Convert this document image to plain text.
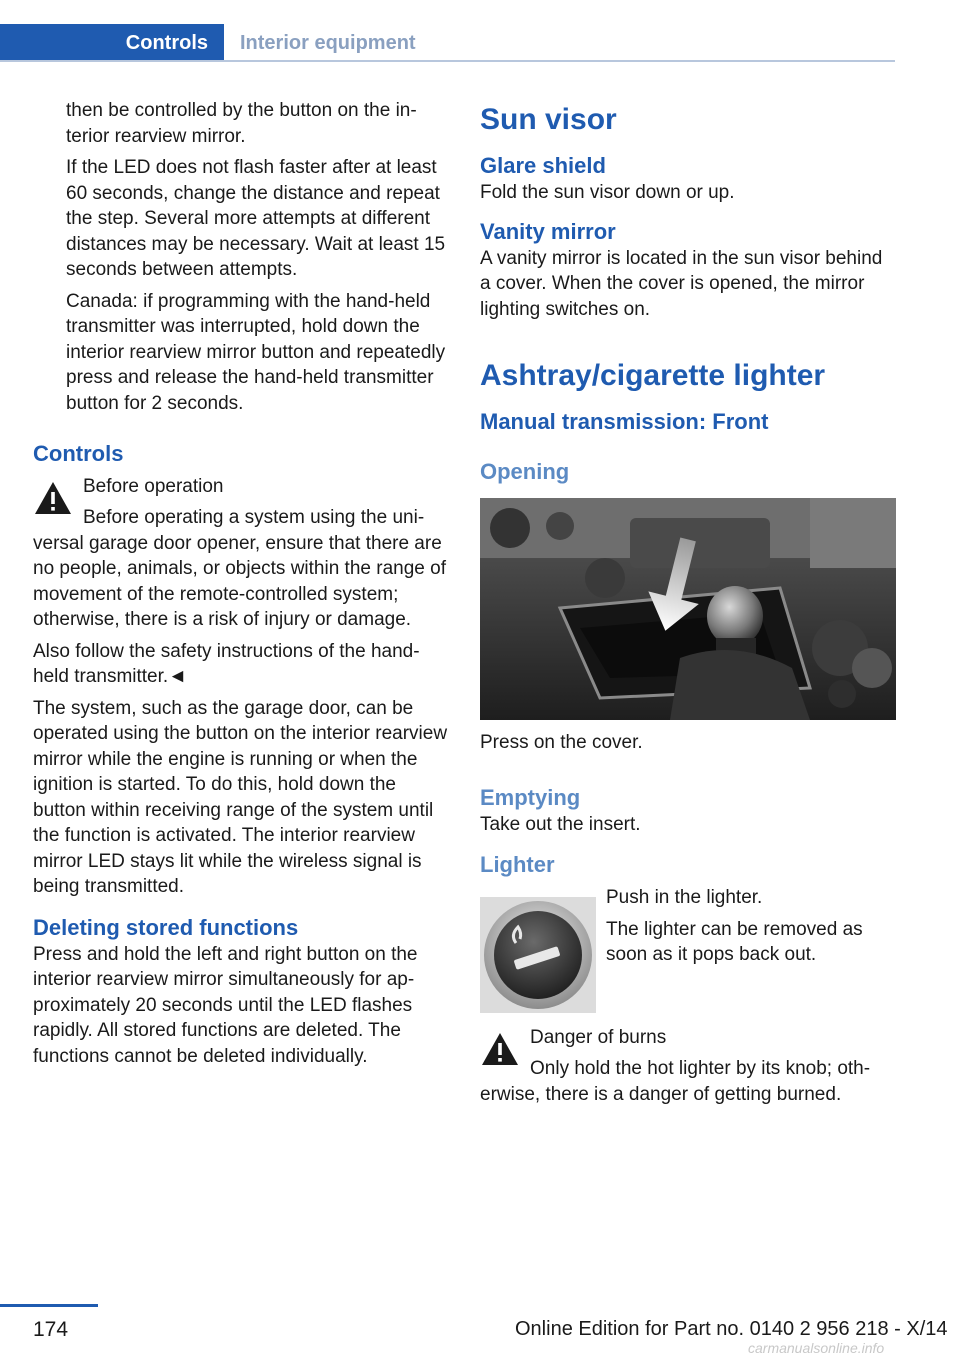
Controls	Interior equipment

then be controlled by the button on the interior rearview mirror.

If the LED does not flash faster after at least 60 seconds, change the distance and repeat the step. Several more attempts at different distances may be necessary. Wait at least 15 seconds between attempts.

Canada: if programming with the hand-held transmitter was interrupted, hold down the interior rearview mirror button and repeatedly press and release the hand-held transmitter button for 2 seconds.

Controls
Before operation
Before operating a system using the universal garage door opener, ensure that there are no people, animals, or objects within the range of movement of the remote-controlled system; otherwise, there is a risk of injury or damage.

Also follow the safety instructions of the hand-held transmitter.◄

The system, such as the garage door, can be operated using the button on the interior rearview mirror while the engine is running or when the ignition is started. To do this, hold down the button within receiving range of the system until the function is activated. The interior rearview mirror LED stays lit while the wireless signal is being transmitted.

Deleting stored functions

Press and hold the left and right button on the interior rearview mirror simultaneously for approximately 20 seconds until the LED flashes rapidly. All stored functions are deleted. The functions cannot be deleted individually.

Sun visor
Glare shield

Fold the sun visor down or up.

Vanity mirror

A vanity mirror is located in the sun visor behind a cover. When the cover is opened, the mirror lighting switches on.

Ashtray/cigarette lighter
Manual transmission: Front
Opening

Press on the cover.

Emptying

Take out the insert.

Lighter

Push in the lighter.

The lighter can be removed as soon as it pops back out.

Danger of burns
Only hold the hot lighter by its knob; otherwise, there is a danger of getting burned.
174	Online Edition for Part no. 0140 2 956 218 - X/14
carmanualsonline.info
